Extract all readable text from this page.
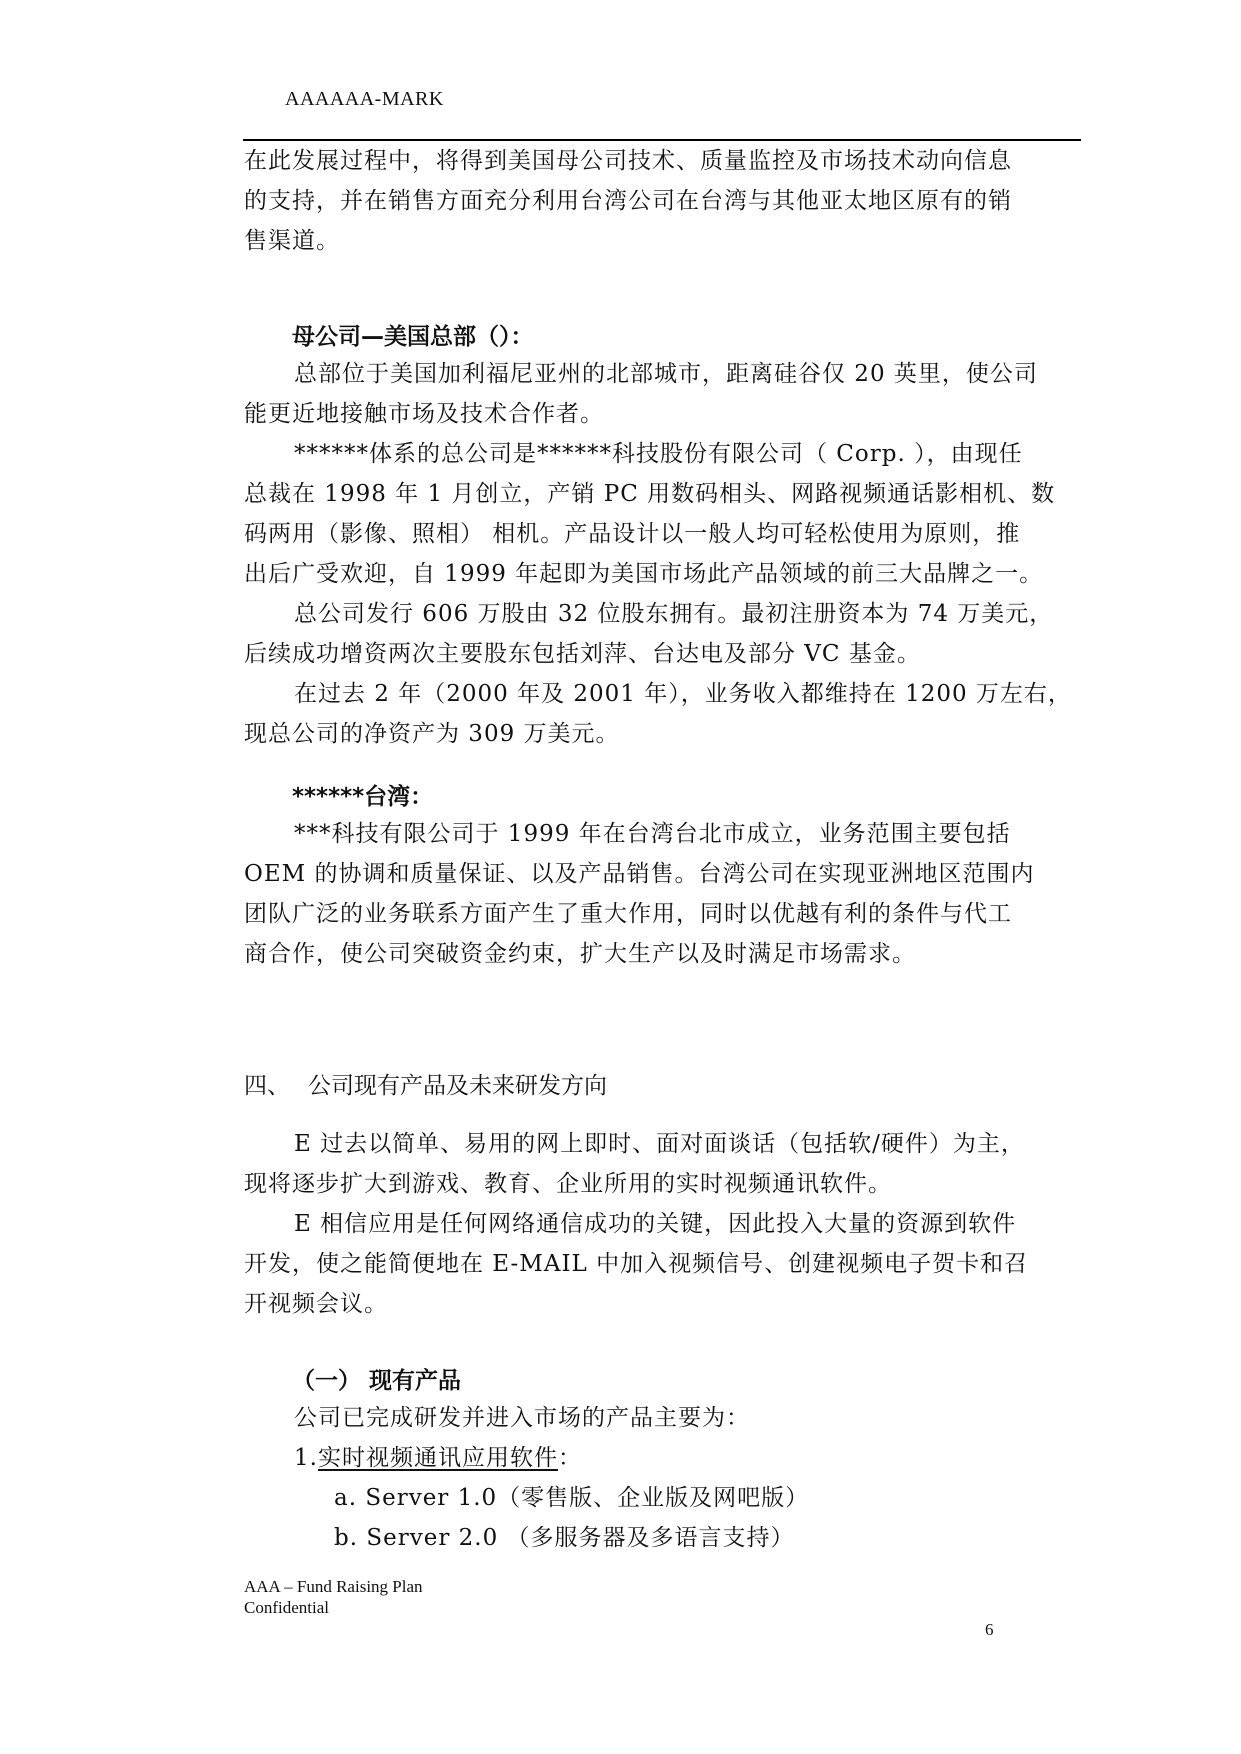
AAAAAA-MARK
在此发展过程中，将得到美国母公司技术、质量监控及市场技术动向信息
的支持，并在销售方面充分利用台湾公司在台湾与其他亚太地区原有的销
售渠道。
母公司—美国总部（）：
总部位于美国加利福尼亚州的北部城市，距离硅谷仅 20 英里，使公司
能更近地接触市场及技术合作者。
******体系的总公司是******科技股份有限公司（ Corp. ），由现任
总裁在 1998 年 1 月创立，产销 PC 用数码相头、网路视频通话影相机、数
码两用（影像、照相） 相机。产品设计以一般人均可轻松使用为原则，推
出后广受欢迎，自 1999 年起即为美国市场此产品领域的前三大品牌之一。
总公司发行 606 万股由 32 位股东拥有。最初注册资本为 74 万美元，
后续成功增资两次主要股东包括刘萍、台达电及部分 VC 基金。
在过去 2 年（2000 年及 2001 年），业务收入都维持在 1200 万左右，
现总公司的净资产为 309 万美元。
******台湾：
***科技有限公司于 1999 年在台湾台北市成立，业务范围主要包括
OEM 的协调和质量保证、以及产品销售。台湾公司在实现亚洲地区范围内
团队广泛的业务联系方面产生了重大作用，同时以优越有利的条件与代工
商合作，使公司突破资金约束，扩大生产以及时满足市场需求。
四、 公司现有产品及未来研发方向
E 过去以简单、易用的网上即时、面对面谈话（包括软/硬件）为主，
现将逐步扩大到游戏、教育、企业所用的实时视频通讯软件。
E 相信应用是任何网络通信成功的关键，因此投入大量的资源到软件
开发，使之能简便地在 E-MAIL 中加入视频信号、创建视频电子贺卡和召
开视频会议。
（一） 现有产品
公司已完成研发并进入市场的产品主要为：
1.实时视频通讯应用软件：
a. Server 1.0（零售版、企业版及网吧版）
b. Server 2.0 （多服务器及多语言支持）
AAA – Fund Raising Plan
Confidential
6
